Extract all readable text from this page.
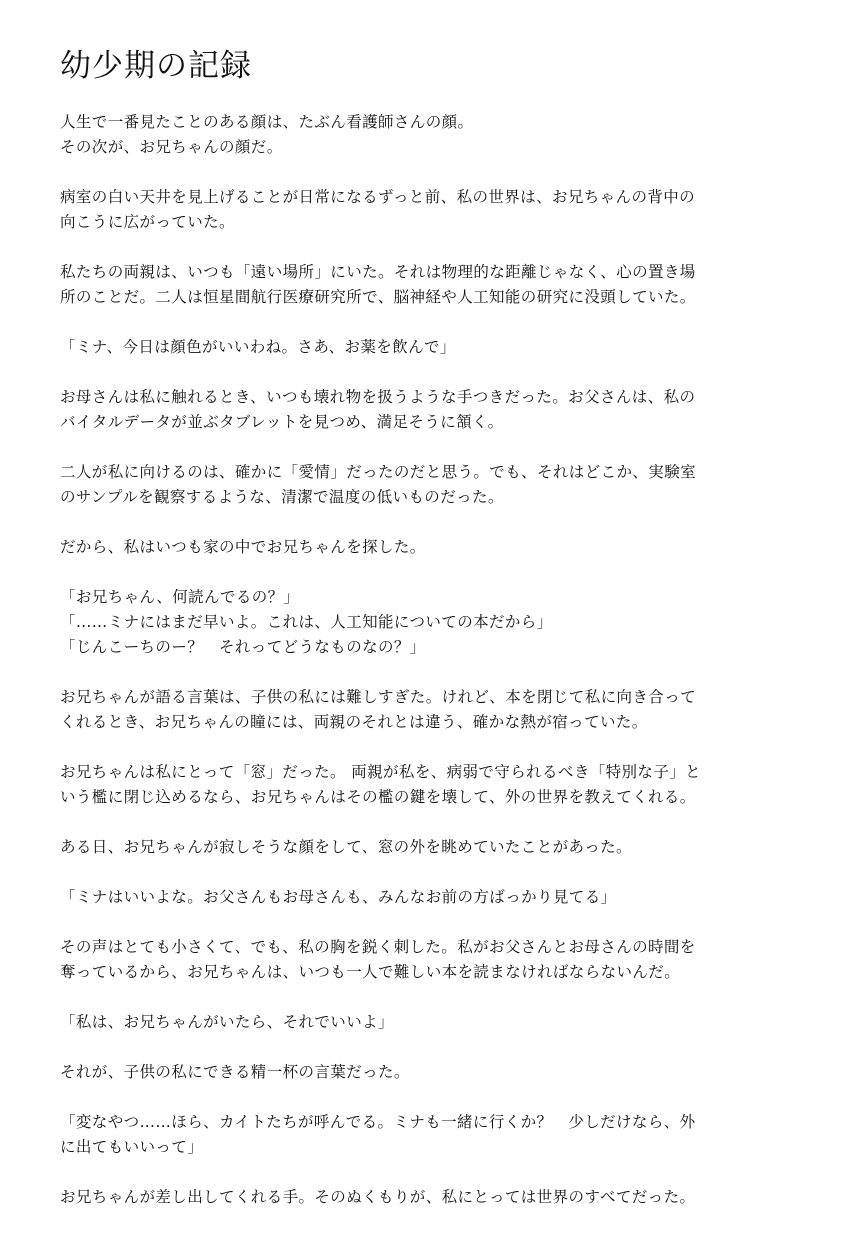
幼少期の記録

人生で一番見たことのある顔は、たぶん看護師さんの顔。
その次が、お兄ちゃんの顔だ。

病室の白い天井を見上げることが日常になるずっと前、私の世界は、お兄ちゃんの背中の
向こうに広がっていた。

私たちの両親は、いつも「遠い場所」にいた。それは物理的な距離じゃなく、心の置き場
所のことだ。二人は恒星間航行医療研究所で、脳神経や人工知能の研究に没頭していた。

「ミナ、今日は顔色がいいわね。さあ、お薬を飲んで」

お母さんは私に触れるとき、いつも壊れ物を扱うような手つきだった。お父さんは、私の
バイタルデータが並ぶタブレットを見つめ、満足そうに頷く。

二人が私に向けるのは、確かに「愛情」だったのだと思う。でも、それはどこか、実験室
のサンプルを観察するような、清潔で温度の低いものだった。

だから、私はいつも家の中でお兄ちゃんを探した。

「お兄ちゃん、何読んでるの？」
「……ミナにはまだ早いよ。これは、人工知能についての本だから」
「じんこーちのー？　それってどうなものなの？」

お兄ちゃんが語る言葉は、子供の私には難しすぎた。けれど、本を閉じて私に向き合って
くれるとき、お兄ちゃんの瞳には、両親のそれとは違う、確かな熱が宿っていた。

お兄ちゃんは私にとって「窓」だった。 両親が私を、病弱で守られるべき「特別な子」と
いう檻に閉じ込めるなら、お兄ちゃんはその檻の鍵を壊して、外の世界を教えてくれる。

ある日、お兄ちゃんが寂しそうな顔をして、窓の外を眺めていたことがあった。

「ミナはいいよな。お父さんもお母さんも、みんなお前の方ばっかり見てる」

その声はとても小さくて、でも、私の胸を鋭く刺した。私がお父さんとお母さんの時間を
奪っているから、お兄ちゃんは、いつも一人で難しい本を読まなければならないんだ。

「私は、お兄ちゃんがいたら、それでいいよ」

それが、子供の私にできる精一杯の言葉だった。

「変なやつ……ほら、カイトたちが呼んでる。ミナも一緒に行くか？　少しだけなら、外
に出てもいいって」

お兄ちゃんが差し出してくれる手。そのぬくもりが、私にとっては世界のすべてだった。
